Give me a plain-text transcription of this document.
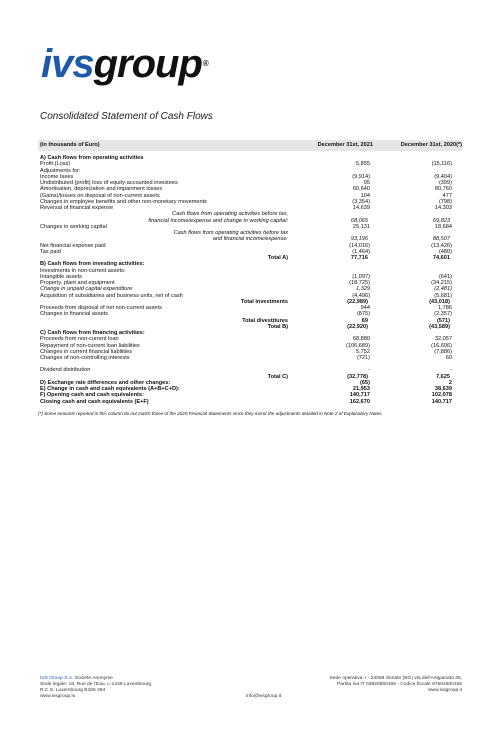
ivsgroup®
Consolidated Statement of Cash Flows
(in thousands of Euro)	December 31st, 2021	December 31st, 2020(*)
A) Cash flows from operating activities
Profit (Loss)	5,855	(15,116)
Adjustments for:
Income taxes	(9,914)	(9,404)
Undistributed (profit) loss of equity-accounted investees	95	(399)
Amortisation, depreciation and impairment losses	60,640	80,760
(Gains)/losses on disposal of non-current assets	104	477
Changes in employee benefits and other non-monetary movements	(3,354)	(798)
Reversal of financial expense	14,639	14,303
Cash flows from operating activities before tax,
financial income/expense and change in working capital:	68,065	69,823
Changes in working capital	25,131	18,684
Cash flows from operating activities before tax
and financial income/expense:	93,196	88,507
Net financial expense paid	(14,016)	(13,426)
Tax paid	(1,464)	(480)
Total A)	77,716	74,601
B) Cash flows from investing activities:
Investments in non-current assets:
Intangible assets	(1,097)	(641)
Property, plant and equipment	(18,725)	(34,215)
Change in unpaid capital expenditure	1,329	(2,481)
Acquisition of subsidiaries and business units, net of cash	(4,496)	(5,681)
Total investments	(22,989)	(43,018)
Proceeds from disposal of net non-current assets	944	1,786
Changes in financial assets	(875)	(2,357)
Total divestitures	69	(571)
Total B)	(22,920)	(43,589)
C) Cash flows from financing activities:
Proceeds from non-current loan	68,880	32,057
Repayment of non-current loan liabilities	(106,689)	(16,606)
Changes in current financial liabilities	5,752	(7,886)
Changes of non-controlling interests	(721)	60
Dividend distribution	-	-
Total C)	(32,778)	7,625
D) Exchange rate differences and other changes:	(65)	2
E) Change in cash and cash equivalents (A+B+C+D):	21,953	38,639
F) Opening cash and cash equivalents:	140,717	102,078
Closing cash and cash equivalents (E+F)	162,670	140,717
(*) Some amounts reported in this column do not match those of the 2020 Financial Statements since they mirror the adjustments detailed in Note 2 of Explanatory Notes.
IVS Group S.A. Société Anonyme
Sede legale: 18, Rue de l'Eau, L-1449 Luxembourg
R.C.S. Luxembourg B155 294
www.ivsgroup.lu	info@ivsgroup.it
Sede operativa: I - 24068 Seriate (BG) via dell'Artigianato 25,
Partita Iva IT 03840650166 - Codice fiscale 97602500155
www.ivsgroup.it
